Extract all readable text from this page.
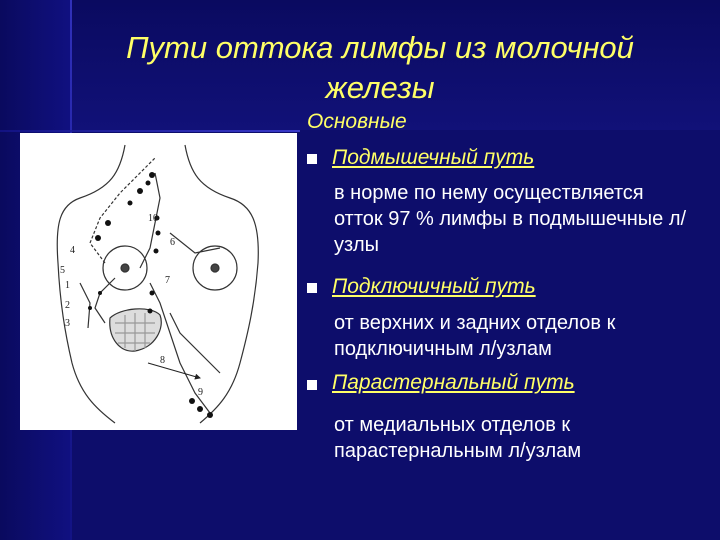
Пути оттока лимфы из молочной железы
Основные
Подмышечный путь
в норме по нему осуществляется отток 97 % лимфы в подмышечные л/узлы
Подключичный путь
от верхних и задних отделов к подключичным л/узлам
Парастернальный путь
от медиальных отделов к парастернальным л/узлам
10
4
6
1	7
8
2
3
5
9
